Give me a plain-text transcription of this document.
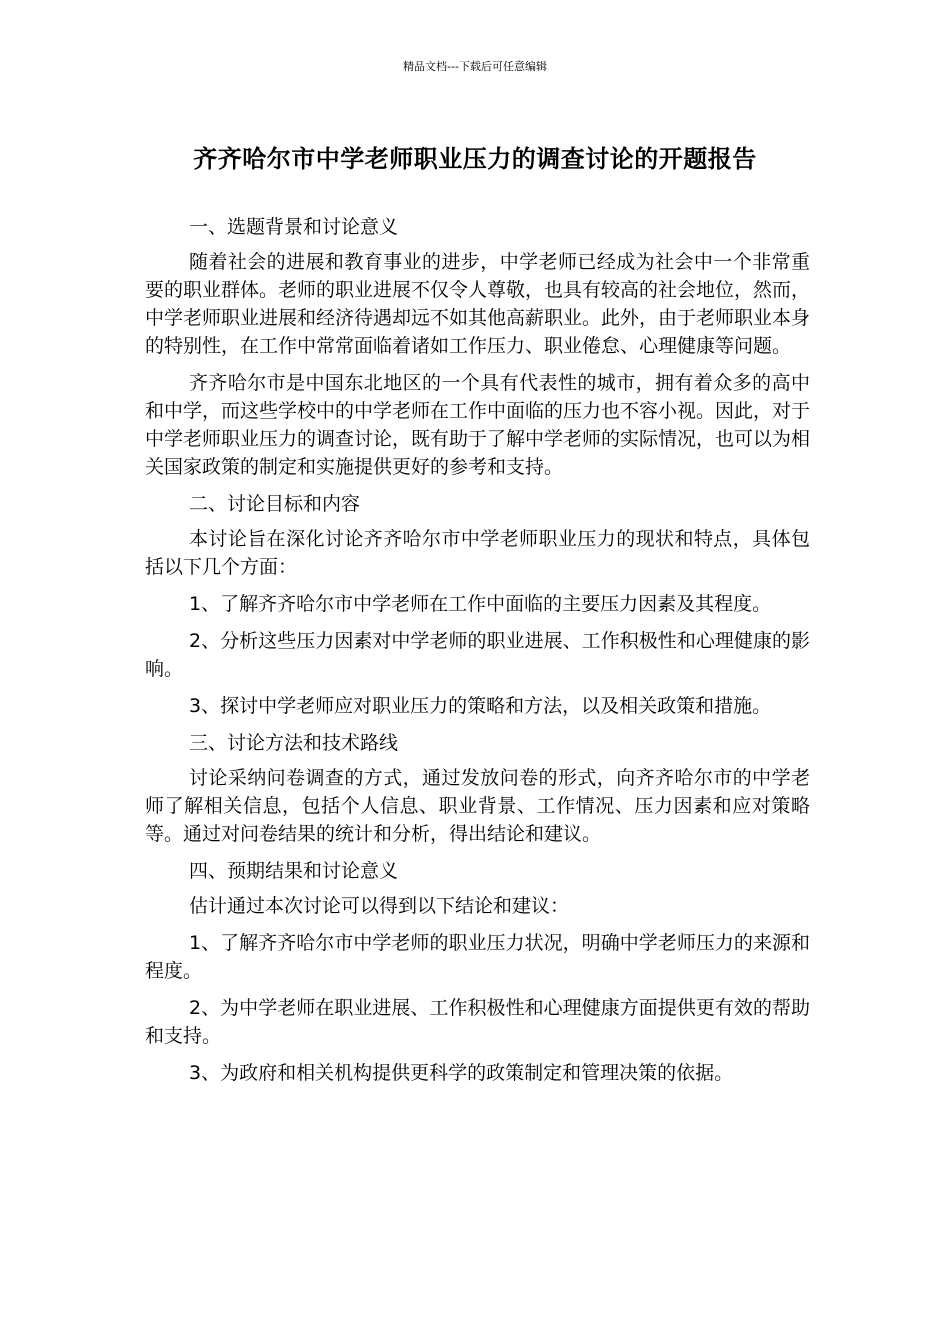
精品文档---下载后可任意编辑
齐齐哈尔市中学老师职业压力的调查讨论的开题报告

一、选题背景和讨论意义

随着社会的进展和教育事业的进步，中学老师已经成为社会中一个非常重要的职业群体。老师的职业进展不仅令人尊敬，也具有较高的社会地位，然而，中学老师职业进展和经济待遇却远不如其他高薪职业。此外，由于老师职业本身的特别性，在工作中常常面临着诸如工作压力、职业倦怠、心理健康等问题。

齐齐哈尔市是中国东北地区的一个具有代表性的城市，拥有着众多的高中和中学，而这些学校中的中学老师在工作中面临的压力也不容小视。因此，对于中学老师职业压力的调查讨论，既有助于了解中学老师的实际情况，也可以为相关国家政策的制定和实施提供更好的参考和支持。

二、讨论目标和内容

本讨论旨在深化讨论齐齐哈尔市中学老师职业压力的现状和特点，具体包括以下几个方面：

1、了解齐齐哈尔市中学老师在工作中面临的主要压力因素及其程度。

2、分析这些压力因素对中学老师的职业进展、工作积极性和心理健康的影响。

3、探讨中学老师应对职业压力的策略和方法，以及相关政策和措施。

三、讨论方法和技术路线

讨论采纳问卷调查的方式，通过发放问卷的形式，向齐齐哈尔市的中学老师了解相关信息，包括个人信息、职业背景、工作情况、压力因素和应对策略等。通过对问卷结果的统计和分析，得出结论和建议。

四、预期结果和讨论意义

估计通过本次讨论可以得到以下结论和建议：

1、了解齐齐哈尔市中学老师的职业压力状况，明确中学老师压力的来源和程度。

2、为中学老师在职业进展、工作积极性和心理健康方面提供更有效的帮助和支持。

3、为政府和相关机构提供更科学的政策制定和管理决策的依据。
